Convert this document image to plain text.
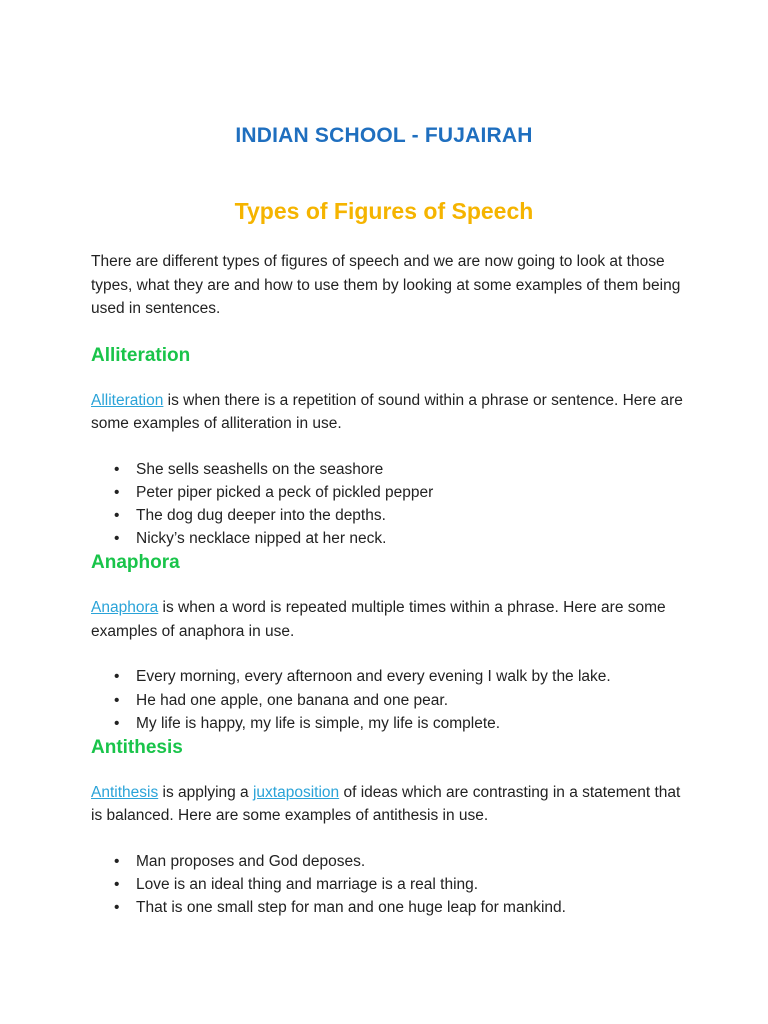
INDIAN SCHOOL - FUJAIRAH
Types of Figures of Speech

There are different types of figures of speech and we are now going to look at those types, what they are and how to use them by looking at some examples of them being used in sentences.

Alliteration

Alliteration is when there is a repetition of sound within a phrase or sentence. Here are some examples of alliteration in use.

• She sells seashells on the seashore
• Peter piper picked a peck of pickled pepper
• The dog dug deeper into the depths.
• Nicky’s necklace nipped at her neck.
Anaphora

Anaphora is when a word is repeated multiple times within a phrase. Here are some examples of anaphora in use.

• Every morning, every afternoon and every evening I walk by the lake.
• He had one apple, one banana and one pear.
• My life is happy, my life is simple, my life is complete.
Antithesis

Antithesis is applying a juxtaposition of ideas which are contrasting in a statement that is balanced. Here are some examples of antithesis in use.

• Man proposes and God deposes.
• Love is an ideal thing and marriage is a real thing.
• That is one small step for man and one huge leap for mankind.
